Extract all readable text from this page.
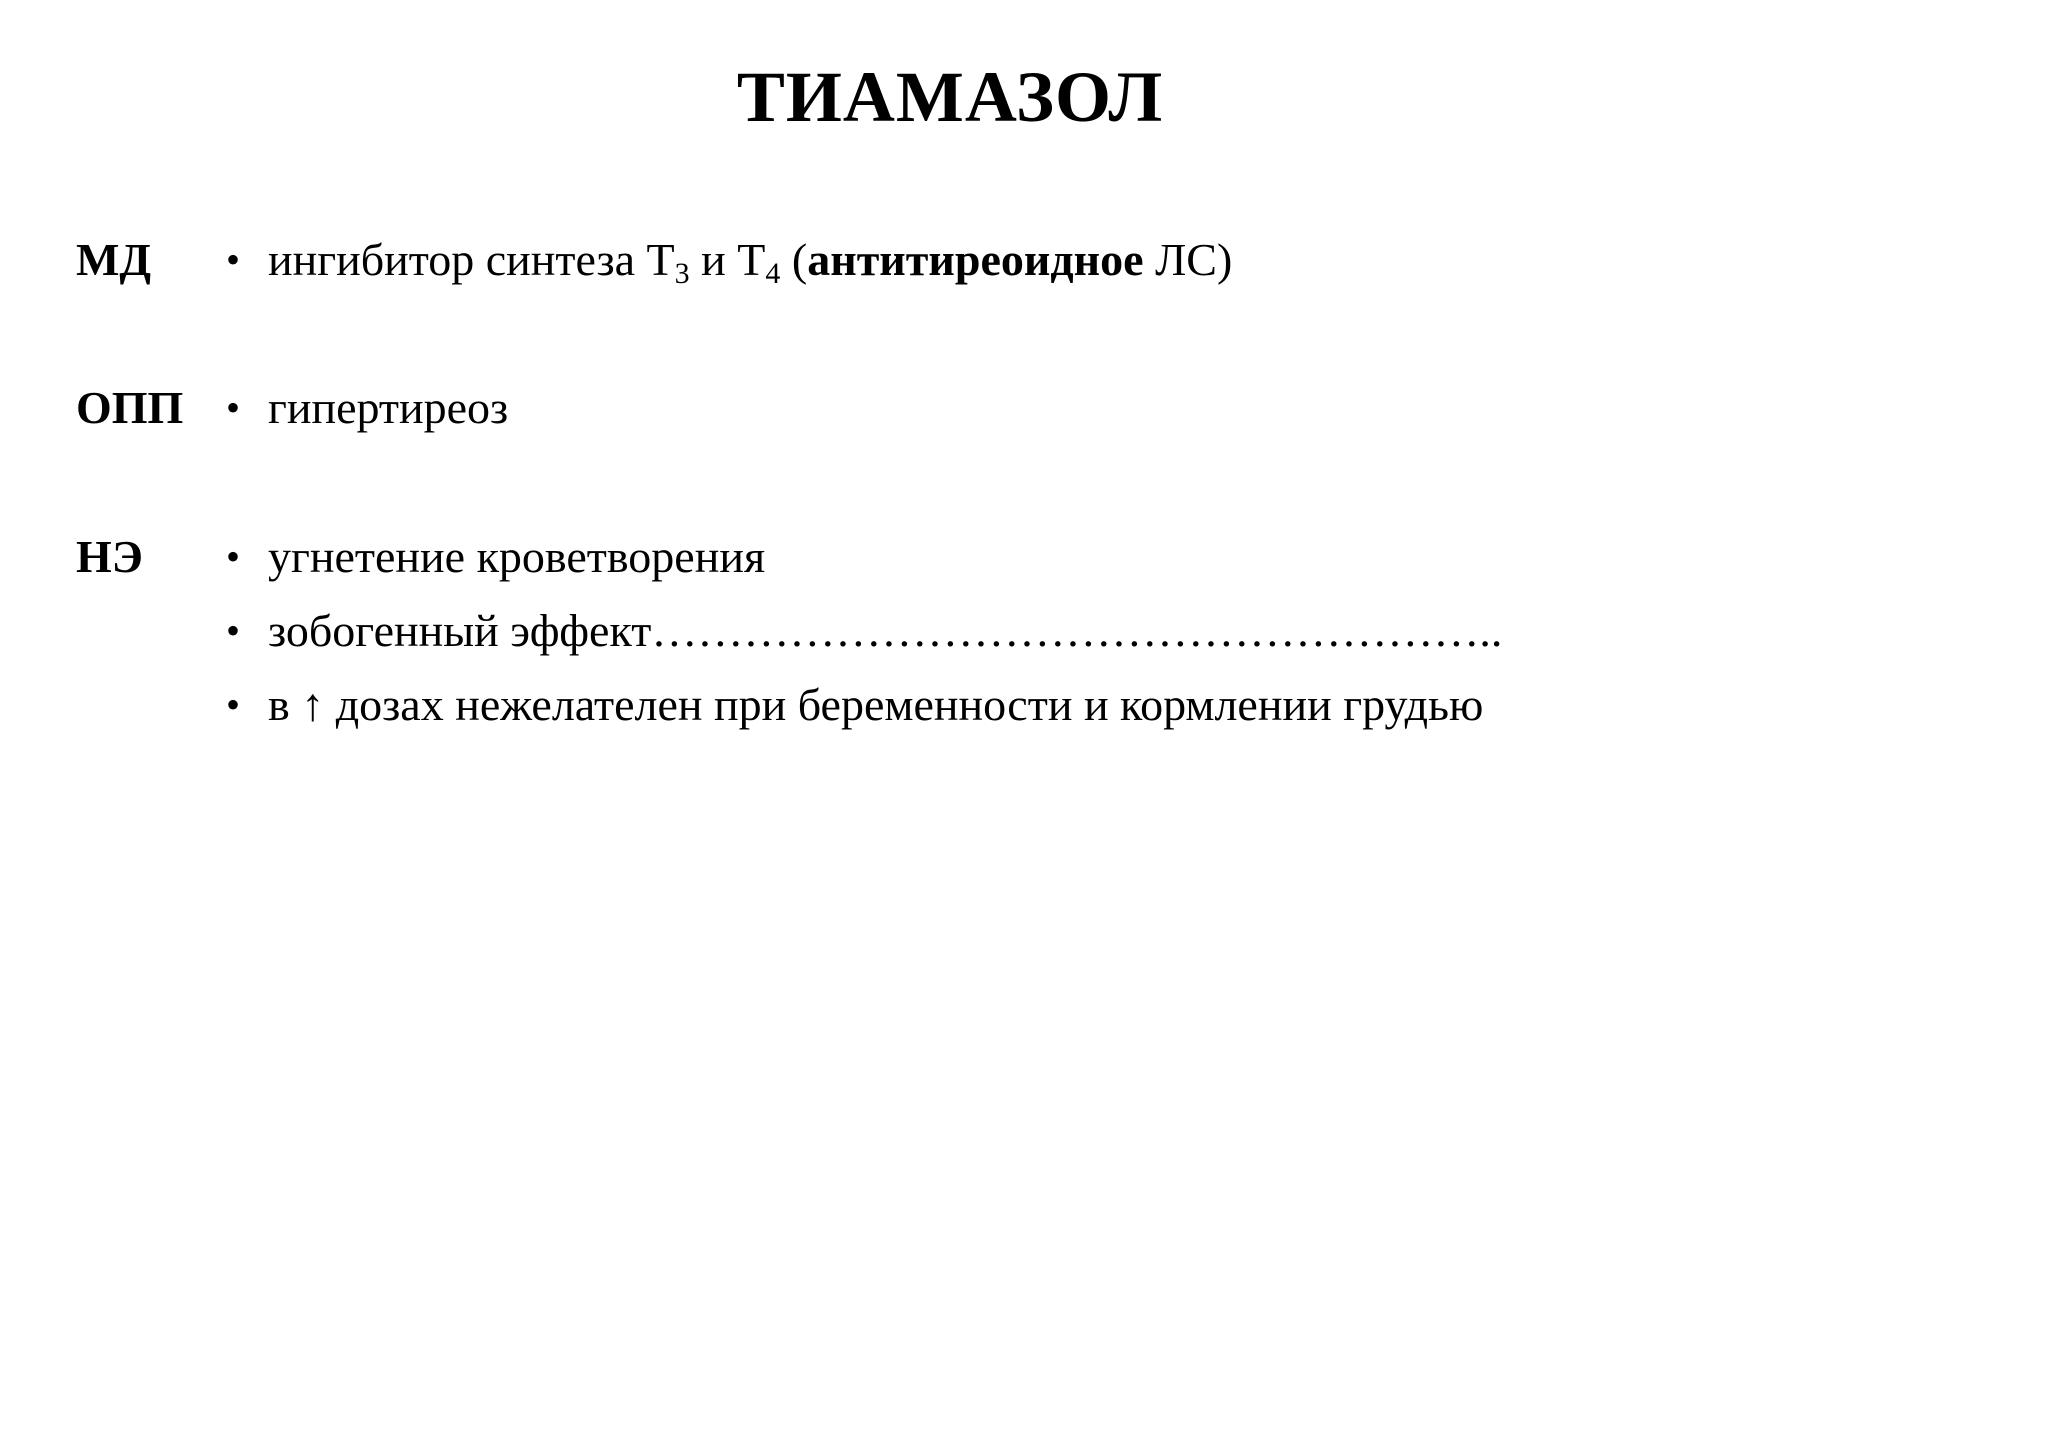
ТИАМАЗОЛ
МД • ингибитор синтеза $Т_3$ и $Т_4$ (антитиреоидное ЛС)
ОПП • гипертиреоз
НЭ • угнетение кроветворения
• зобогенный эффект………………………………………………..
• в ↑ дозах нежелателен при беременности и кормлении грудью
